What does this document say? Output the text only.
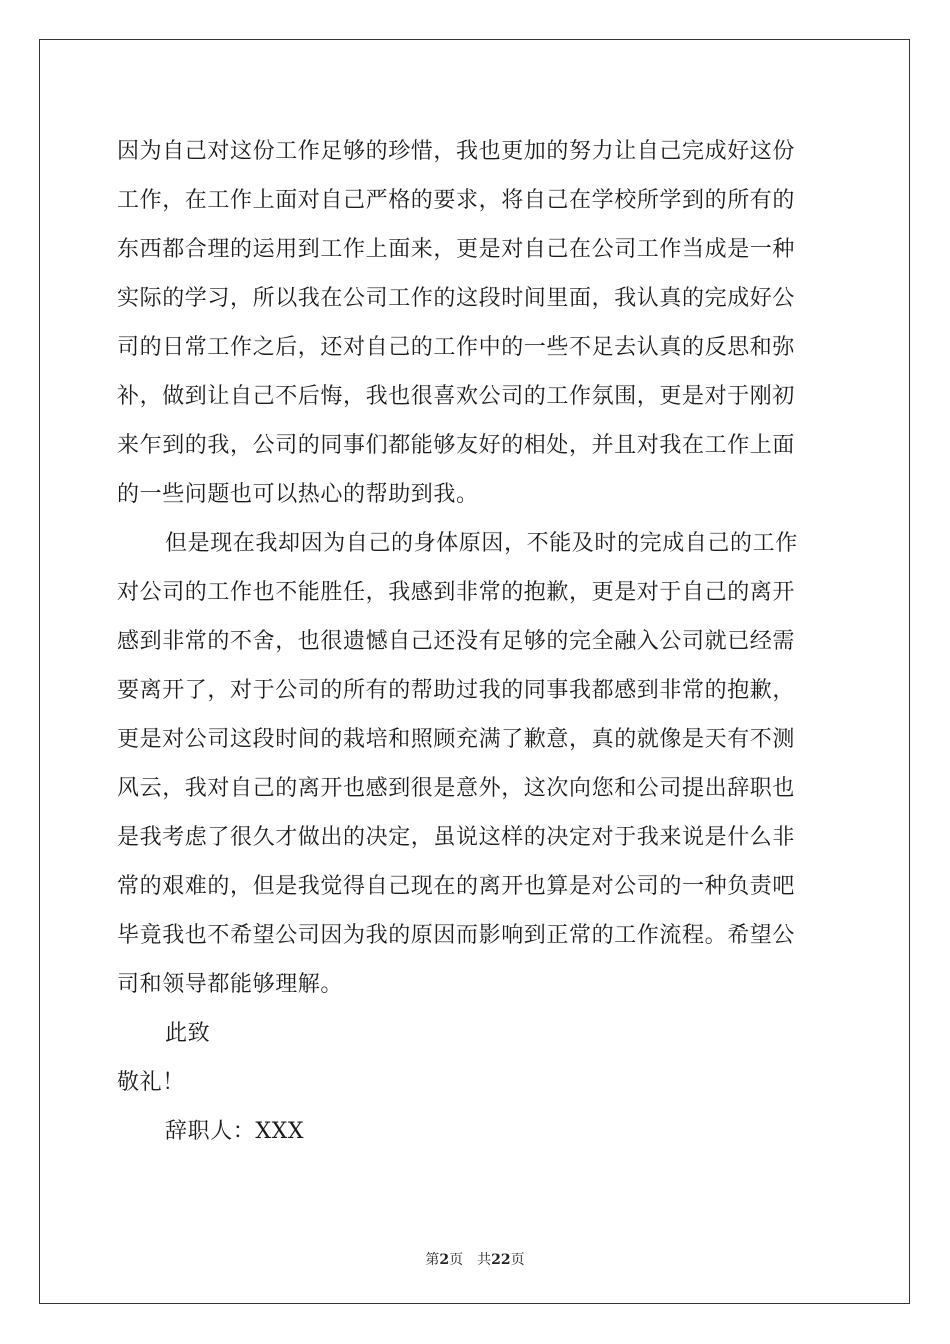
因为自己对这份工作足够的珍惜，我也更加的努力让自己完成好这份
工作，在工作上面对自己严格的要求，将自己在学校所学到的所有的
东西都合理的运用到工作上面来，更是对自己在公司工作当成是一种
实际的学习，所以我在公司工作的这段时间里面，我认真的完成好公
司的日常工作之后，还对自己的工作中的一些不足去认真的反思和弥
补，做到让自己不后悔，我也很喜欢公司的工作氛围，更是对于刚初
来乍到的我，公司的同事们都能够友好的相处，并且对我在工作上面
的一些问题也可以热心的帮助到我。
但是现在我却因为自己的身体原因，不能及时的完成自己的工作
对公司的工作也不能胜任，我感到非常的抱歉，更是对于自己的离开
感到非常的不舍，也很遗憾自己还没有足够的完全融入公司就已经需
要离开了，对于公司的所有的帮助过我的同事我都感到非常的抱歉，
更是对公司这段时间的栽培和照顾充满了歉意，真的就像是天有不测
风云，我对自己的离开也感到很是意外，这次向您和公司提出辞职也
是我考虑了很久才做出的决定，虽说这样的决定对于我来说是什么非
常的艰难的，但是我觉得自己现在的离开也算是对公司的一种负责吧
毕竟我也不希望公司因为我的原因而影响到正常的工作流程。希望公
司和领导都能够理解。
此致
敬礼！
辞职人：XXX
第2页　共22页
